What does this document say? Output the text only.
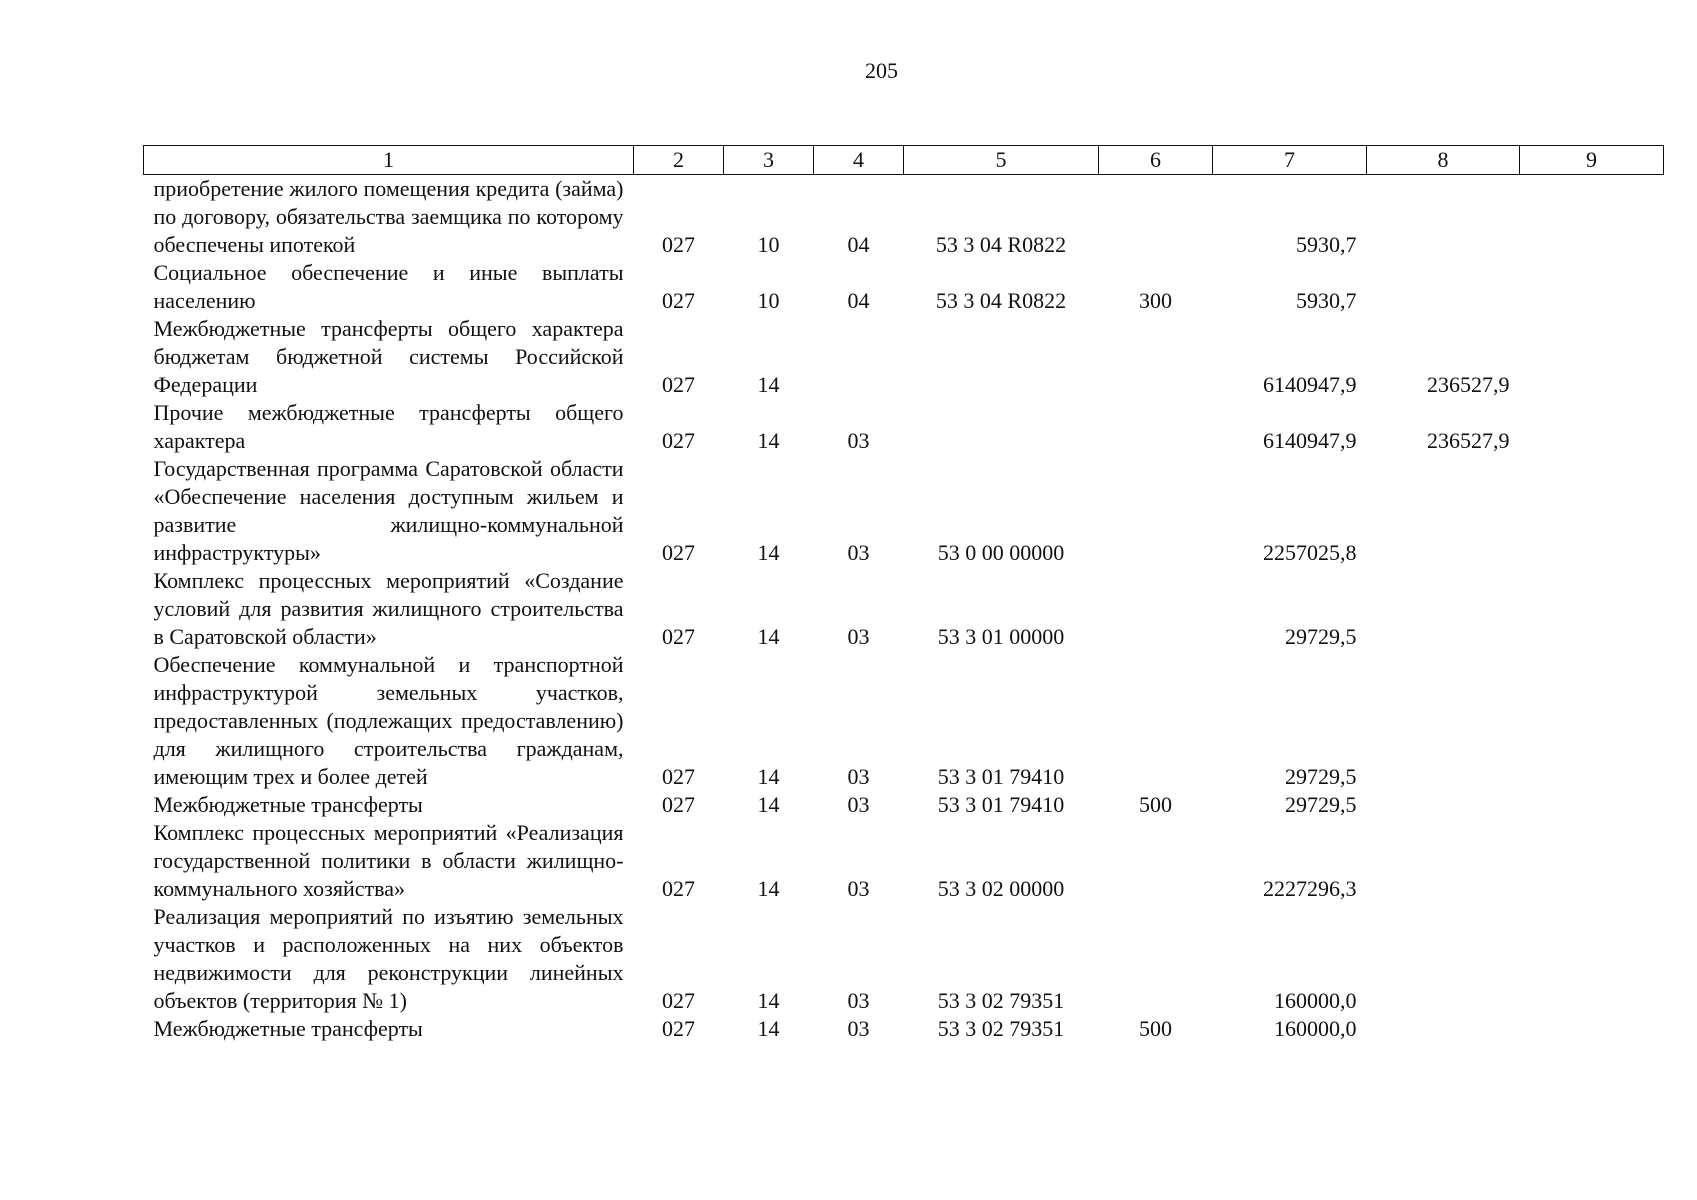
205
1	2	3	4	5	6	7	8	9
приобретение жилого помещения кредита (займа) по договору, обязательства заемщика по которому обеспечены ипотекой	027	10	04	53 3 04 R0822		5930,7		
Социальное обеспечение и иные выплаты населению	027	10	04	53 3 04 R0822	300	5930,7		
Межбюджетные трансферты общего характера бюджетам бюджетной системы Российской Федерации	027	14				6140947,9	236527,9	
Прочие межбюджетные трансферты общего характера	027	14	03			6140947,9	236527,9	
Государственная программа Саратовской области «Обеспечение населения доступным жильем и развитие жилищно-коммунальной инфраструктуры»	027	14	03	53 0 00 00000		2257025,8		
Комплекс процессных мероприятий «Создание условий для развития жилищного строительства в Саратовской области»	027	14	03	53 3 01 00000		29729,5		
Обеспечение коммунальной и транспортной инфраструктурой земельных участков, предоставленных (подлежащих предоставлению) для жилищного строительства гражданам, имеющим трех и более детей	027	14	03	53 3 01 79410		29729,5		
Межбюджетные трансферты	027	14	03	53 3 01 79410	500	29729,5		
Комплекс процессных мероприятий «Реализация государственной политики в области жилищно-коммунального хозяйства»	027	14	03	53 3 02 00000		2227296,3		
Реализация мероприятий по изъятию земельных участков и расположенных на них объектов недвижимости для реконструкции линейных объектов (территория № 1)	027	14	03	53 3 02 79351		160000,0		
Межбюджетные трансферты	027	14	03	53 3 02 79351	500	160000,0		
